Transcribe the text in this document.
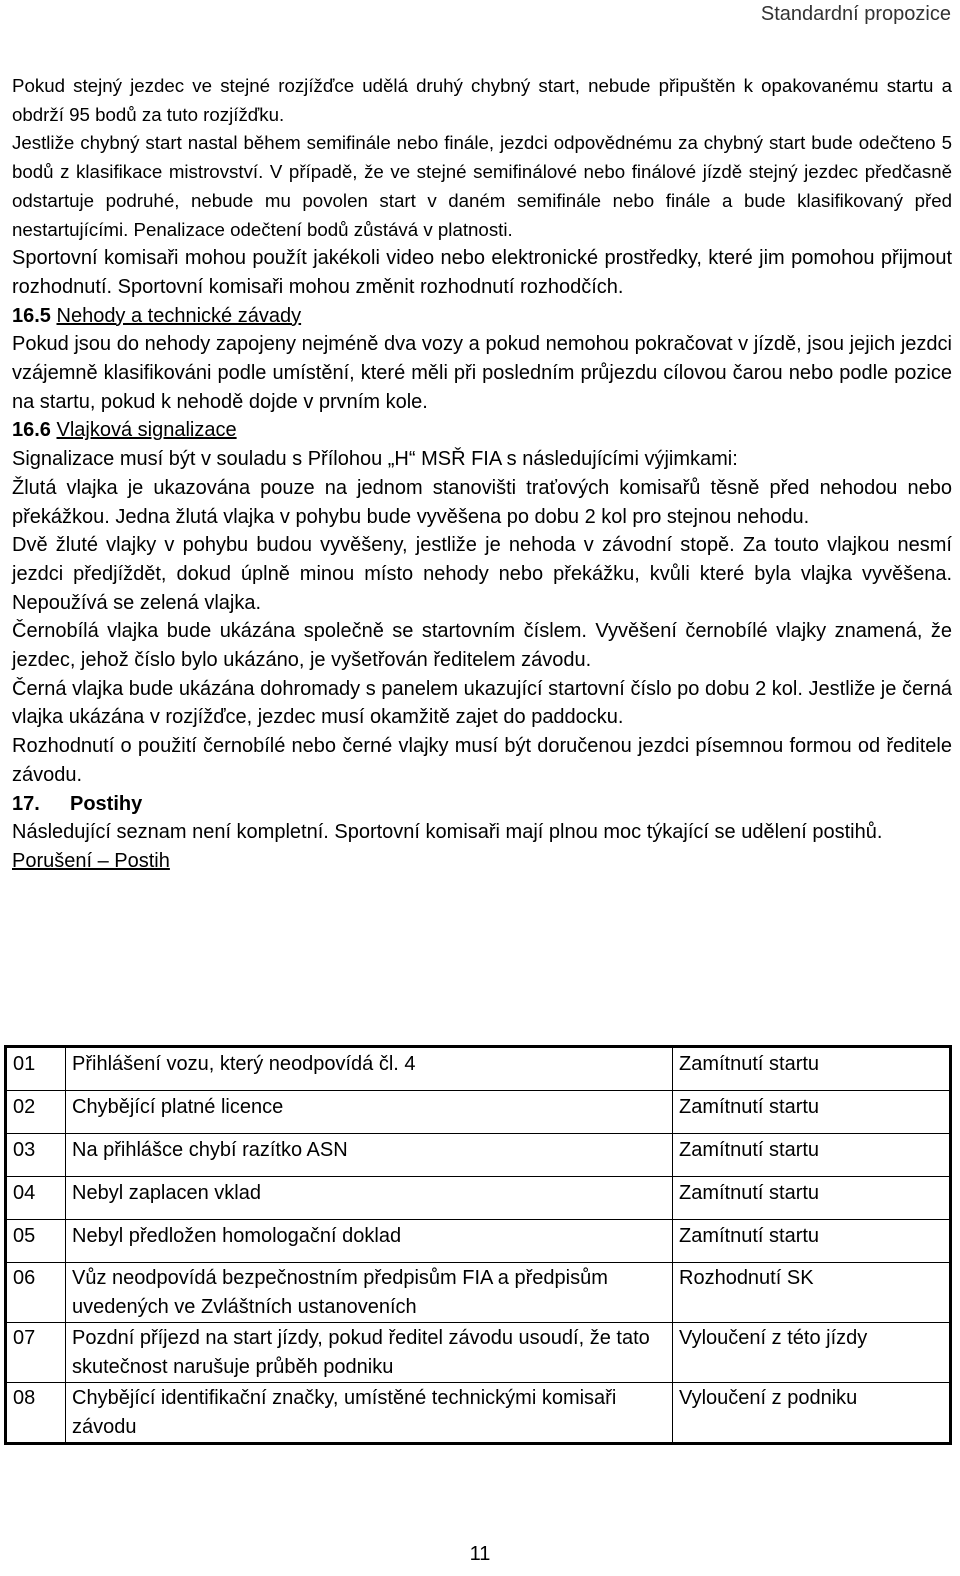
Standardní propozice

Pokud stejný jezdec ve stejné rozjížďce udělá druhý chybný start, nebude připuštěn k opakovanému startu a obdrží 95 bodů za tuto rozjížďku.

Jestliže chybný start nastal během semifinále nebo finále, jezdci odpovědnému za chybný start bude odečteno 5 bodů z klasifikace mistrovství. V případě, že ve stejné semifinálové nebo finálové jízdě stejný jezdec předčasně odstartuje podruhé, nebude mu povolen start v daném semifinále nebo finále a bude klasifikovaný před nestartujícími. Penalizace odečtení bodů zůstává v platnosti.

Sportovní komisaři mohou použít jakékoli video nebo elektronické prostředky, které jim pomohou přijmout rozhodnutí. Sportovní komisaři mohou změnit rozhodnutí rozhodčích.

16.5 Nehody a technické závady

Pokud jsou do nehody zapojeny nejméně dva vozy a pokud nemohou pokračovat v jízdě, jsou jejich jezdci vzájemně klasifikováni podle umístění, které měli při posledním průjezdu cílovou čarou nebo podle pozice na startu, pokud k nehodě dojde v prvním kole.

16.6 Vlajková signalizace

Signalizace musí být v souladu s Přílohou „H“ MSŘ FIA s následujícími výjimkami:

Žlutá vlajka je ukazována pouze na jednom stanovišti traťových komisařů těsně před nehodou nebo překážkou. Jedna žlutá vlajka v pohybu bude vyvěšena po dobu 2 kol pro stejnou nehodu.

Dvě žluté vlajky v pohybu budou vyvěšeny, jestliže je nehoda v závodní stopě. Za touto vlajkou nesmí jezdci předjíždět, dokud úplně minou místo nehody nebo překážku, kvůli které byla vlajka vyvěšena. Nepoužívá se zelená vlajka.

Černobílá vlajka bude ukázána společně se startovním číslem. Vyvěšení černobílé vlajky znamená, že jezdec, jehož číslo bylo ukázáno, je vyšetřován ředitelem závodu.

Černá vlajka bude ukázána dohromady s panelem ukazující startovní číslo po dobu 2 kol. Jestliže je černá vlajka ukázána v rozjížďce, jezdec musí okamžitě zajet do paddocku.

Rozhodnutí o použití černobílé nebo černé vlajky musí být doručenou jezdci písemnou formou od ředitele závodu.

17. Postihy

Následující seznam není kompletní. Sportovní komisaři mají plnou moc týkající se udělení postihů.

Porušení – Postih

01	Přihlášení vozu, který neodpovídá čl. 4	Zamítnutí startu
02	Chybějící platné licence	Zamítnutí startu
03	Na přihlášce chybí razítko ASN	Zamítnutí startu
04	Nebyl zaplacen vklad	Zamítnutí startu
05	Nebyl předložen homologační doklad	Zamítnutí startu
06	Vůz neodpovídá bezpečnostním předpisům FIA a předpisům uvedených ve Zvláštních ustanoveních	Rozhodnutí SK
07	Pozdní příjezd na start jízdy, pokud ředitel závodu usoudí, že tato skutečnost narušuje průběh podniku	Vyloučení z této jízdy
08	Chybějící identifikační značky, umístěné technickými komisaři závodu	Vyloučení z podniku
11
